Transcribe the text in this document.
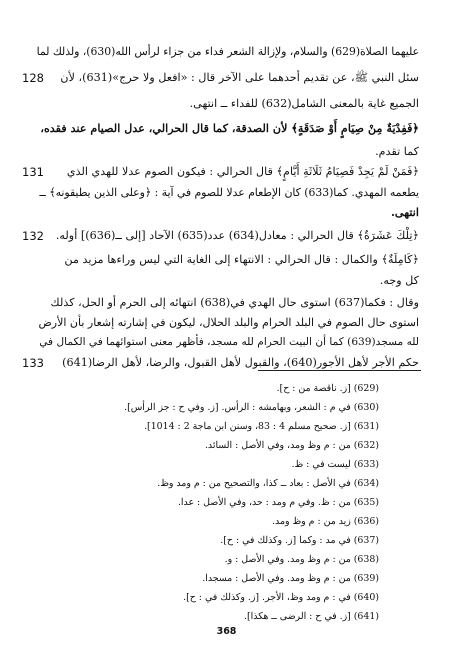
عليهما الصلاة(629) والسلام، ولإزالة الشعر فداء من جزاء لرأس الله(630)، ولذلك لما
128 سئل النبي ﷺ، عن تقديم أحدهما على الآخر قال : «افعل ولا حرج»(631)، لأن
الجميع غاية بالمعنى الشامل(632) للفداء ــ انتهى.
﴿فَفِدْيَةٌ مِنْ صِيَامٍ أَوْ صَدَقَةٍ﴾ لأن الصدقة، كما قال الحرالي، عدل الصيام عند فقده،
كما تقدم.
131 ﴿فَمَنْ لَمْ يَجِدْ فَصِيَامُ ثَلَاثَةِ أَيَّامٍ﴾ قال الحرالي : فيكون الصوم عدلا للهدي الذي
يطعمه المهدي. كما(633) كان الإطعام عدلا للصوم في آية : ﴿وعلى الذين يطيقونه﴾ ــ
انتهى.
132 ﴿تِلْكَ عَشَرَةٌ﴾ قال الحرالي : معادل(634) عدد(635) الآحاد [إلى ــ(636)] أوله.
﴿كَامِلَةٌ﴾ والكمال : قال الحرالي : الانتهاء إلى الغاية التي ليس وراءها مزيد من
كل وجه.
وقال : فكما(637) استوى حال الهدي في(638) انتهائه إلى الحرم أو الحل، كذلك
استوى حال الصوم في البلد الحرام والبلد الحلال، ليكون في إشارته إشعار بأن الأرض
لله مسجد(639) كما أن البيت الحرام لله مسجد، فأظهر معنى استوائهما في الكمال في
133 حكم الأجر لأهل الأجور(640)، والقبول لأهل القبول، والرضا، لأهل الرضا(641)
(629) [ز. ناقصة من : ح].
(630) في م : الشعر، وبهامشه : الرأس. [ز. وفي ح : جز الرأس].
(631) [ز. صحيح مسلم 4 : 83، وسنن ابن ماجة 2 : 1014].
(632) من : م وظ ومد، وفي الأصل : السائد.
(633) ليست في : ظ.
(634) في الأصل : بعاد ــ كذا، والتصحيح من : م ومد وظ.
(635) من : ظ. وفي م ومد : حد، وفي الأصل : عدا.
(636) زيد من : م وظ ومد.
(637) في مد : وكما [ز. وكذلك في : ح].
(638) من : م وظ ومد. وفي الأصل : و.
(639) من : م وظ ومد. وفي الأصل : مسجدا.
(640) في : م ومد وظ، الأجر. [ز. وكذلك في : ح].
(641) [ز. في ح : الرضى ــ هكذا].
368
